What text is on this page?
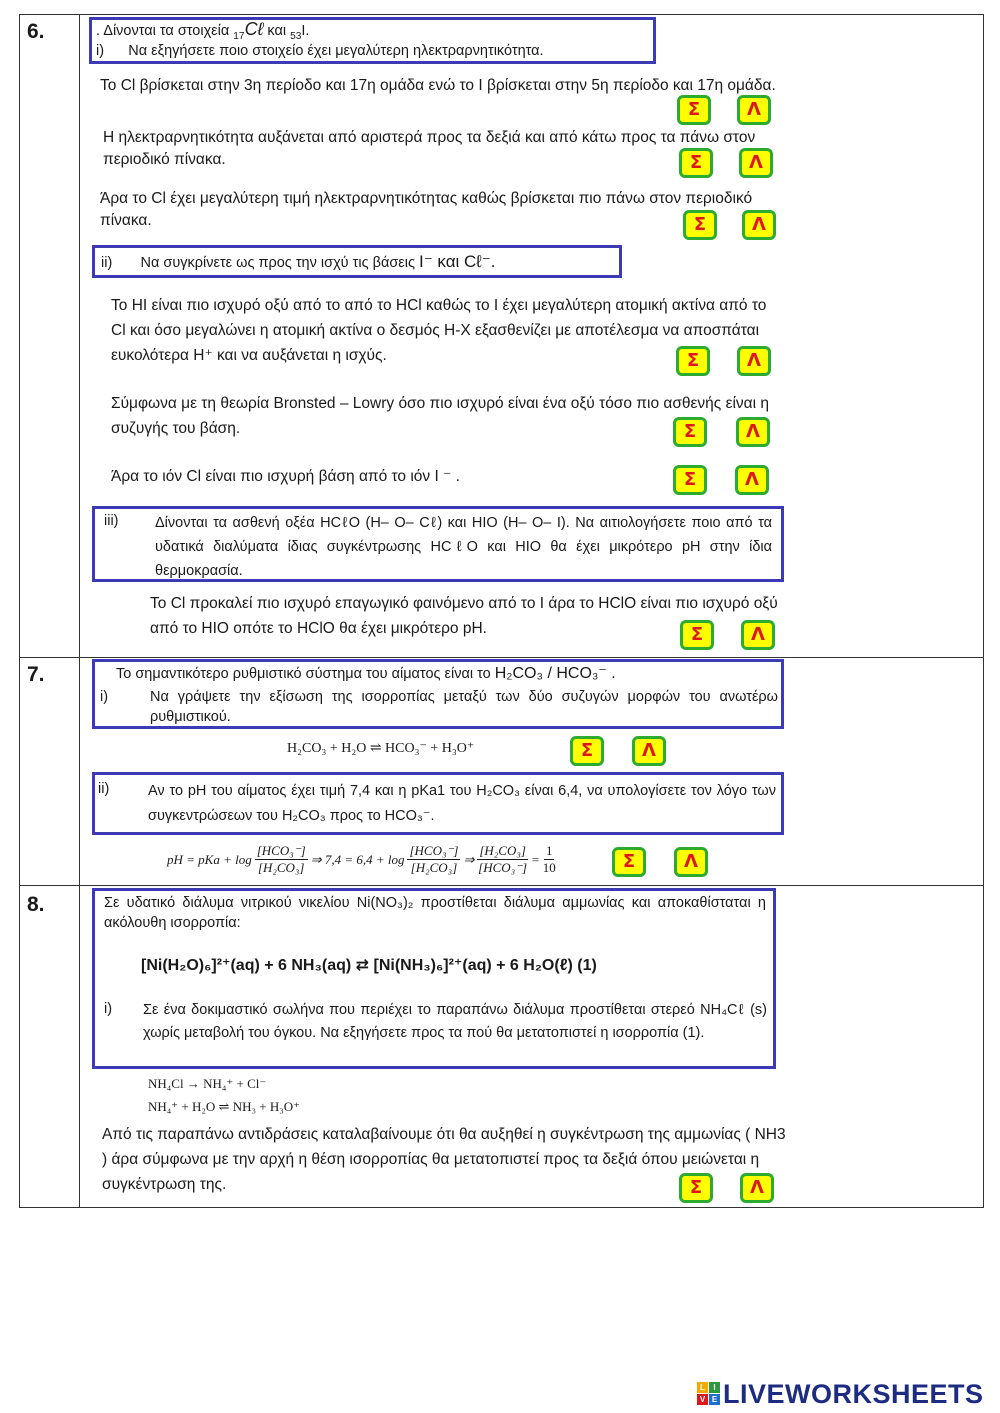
6.	. Δίνονται τα στοιχεία $_{17}$Cℓ και $_{53}$I.
i) Να εξηγήσετε ποιο στοιχείο έχει μεγαλύτερη ηλεκτραρνητικότητα.
Το Cl βρίσκεται στην 3η περίοδο και 17η ομάδα ενώ το I βρίσκεται στην 5η περίοδο και 17η ομάδα.
Η ηλεκτραρνητικότητα αυξάνεται από αριστερά προς τα δεξιά και από κάτω προς τα πάνω στον περιοδικό πίνακα.
Άρα το Cl έχει μεγαλύτερη τιμή ηλεκτραρνητικότητας καθώς βρίσκεται πιο πάνω στον περιοδικό πίνακα.
Σ	Λ
Σ	Λ
Σ	Λ
ii) Να συγκρίνετε ως προς την ισχύ τις βάσεις I⁻ και Cℓ⁻.
Το HI είναι πιο ισχυρό οξύ από το από το HCl καθώς το I έχει μεγαλύτερη ατομική ακτίνα από το Cl και όσο μεγαλώνει η ατομική ακτίνα ο δεσμός Η-Χ εξασθενίζει με αποτέλεσμα να αποσπάται ευκολότερα Η⁺ και να αυξάνεται η ισχύς.
Σύμφωνα με τη θεωρία Bronsted – Lowry όσο πιο ισχυρό είναι ένα οξύ τόσο πιο ασθενής είναι η συζυγής του βάση.
Άρα το ιόν Cl είναι πιο ισχυρή βάση από το ιόν I ⁻ .
Σ	Λ
Σ	Λ
Σ	Λ
iii)	Δίνονται τα ασθενή οξέα HCℓO (H– O– Cℓ) και HIO (H– O– I). Να αιτιολογήσετε ποιο από τα υδατικά διαλύματα ίδιας συγκέντρωσης HCℓO και HIO θα έχει μικρότερο pH στην ίδια θερμοκρασία.
Το Cl προκαλεί πιο ισχυρό επαγωγικό φαινόμενο από το I άρα το HClO είναι πιο ισχυρό οξύ από το HIO οπότε το HClO θα έχει μικρότερο pH.	Σ	Λ
7.	Το σημαντικότερο ρυθμιστικό σύστημα του αίματος είναι το H₂CO₃ / HCO₃⁻ .
i)	Να γράψετε την εξίσωση της ισορροπίας μεταξύ των δύο συζυγών μορφών του ανωτέρω ρυθμιστικού.
H₂CO₃ + H₂O ⇌ HCO₃⁻ + H₃O⁺	Σ	Λ
ii)	Αν το pH του αίματος έχει τιμή 7,4 και η pKa1 του H₂CO₃ είναι 6,4, να υπολογίσετε τον λόγο των συγκεντρώσεων του H₂CO₃ προς το HCO₃⁻.
pH = pKa + log
[HCO₃⁻]
[H₂CO₃]
⇒ 7,4 = 6,4 + log
[HCO₃⁻]
[H₂CO₃]
⇒
[H₂CO₃]
[HCO₃⁻]
= $\frac{1}{10}$	Σ	Λ
8.	Σε υδατικό διάλυμα νιτρικού νικελίου Ni(NO₃)₂ προστίθεται διάλυμα αμμωνίας και αποκαθίσταται η ακόλουθη ισορροπία:
[Ni(H₂O)₆]²⁺(aq) + 6 NH₃(aq) ⇄ [Ni(NH₃)₆]²⁺(aq) + 6 H₂O(ℓ) (1)
i)	Σε ένα δοκιμαστικό σωλήνα που περιέχει το παραπάνω διάλυμα προστίθεται στερεό NH₄Cℓ (s) χωρίς μεταβολή του όγκου. Να εξηγήσετε προς τα πού θα μετατοπιστεί η ισορροπία (1).
NH₄Cl → NH₄⁺ + Cl⁻
NH₄⁺ + H₂O ⇌ NH₃ + H₃O⁺
Από τις παραπάνω αντιδράσεις καταλαβαίνουμε ότι θα αυξηθεί η συγκέντρωση της αμμωνίας ( NH3 ) άρα σύμφωνα με την αρχή η θέση ισορροπίας θα μετατοπιστεί προς τα δεξιά όπου μειώνεται η συγκέντρωση της.	Σ	Λ
L	I
V E LIVEWORKSHEETS
